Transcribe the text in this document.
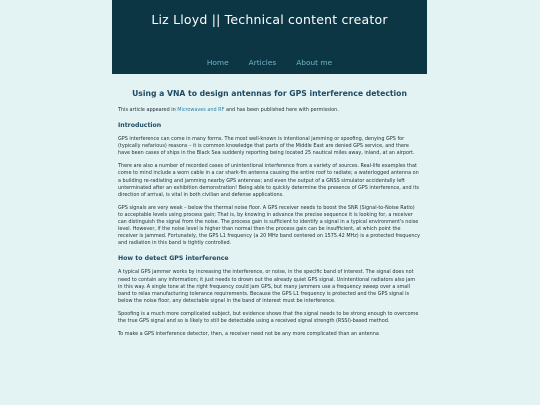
Liz Lloyd || Technical content creator
Home	Articles	About me
Using a VNA to design antennas for GPS interference detection

This article appeared in Microwaves and RF and has been published here with permission.

Introduction

GPS interference can come in many forms. The most well-known is intentional jamming or spoofing, denying GPS for (typically nefarious) reasons – it is common knowledge that parts of the Middle East are denied GPS service, and there have been cases of ships in the Black Sea suddenly reporting being located 25 nautical miles away, inland, at an airport.

There are also a number of recorded cases of unintentional interference from a variety of sources. Real-life examples that come to mind include a worn cable in a car shark-fin antenna causing the entire roof to radiate; a waterlogged antenna on a building re-radiating and jamming nearby GPS antennas; and even the output of a GNSS simulator accidentally left unterminated after an exhibition demonstration! Being able to quickly determine the presence of GPS interference, and its direction of arrival, is vital in both civilian and defense applications.

GPS signals are very weak – below the thermal noise floor. A GPS receiver needs to boost the SNR (Signal-to-Noise Ratio) to acceptable levels using process gain; That is, by knowing in advance the precise sequence it is looking for, a receiver can distinguish the signal from the noise. The process gain is sufficient to identify a signal in a typical environment's noise level. However, if the noise level is higher than normal then the process gain can be insufficient, at which point the receiver is jammed. Fortunately, the GPS L1 frequency (a 20 MHz band centered on 1575.42 MHz) is a protected frequency and radiation in this band is tightly controlled.

How to detect GPS interference

A typical GPS jammer works by increasing the interference, or noise, in the specific band of interest. The signal does not need to contain any information; it just needs to drown out the already quiet GPS signal. Unintentional radiators also jam in this way. A single tone at the right frequency could jam GPS, but many jammers use a frequency sweep over a small band to relax manufacturing tolerance requirements. Because the GPS L1 frequency is protected and the GPS signal is below the noise floor, any detectable signal in the band of interest must be interference.

Spoofing is a much more complicated subject, but evidence shows that the signal needs to be strong enough to overcome the true GPS signal and so is likely to still be detectable using a received signal strength (RSSI)-based method.

To make a GPS interference detector, then, a receiver need not be any more complicated than an antenna
